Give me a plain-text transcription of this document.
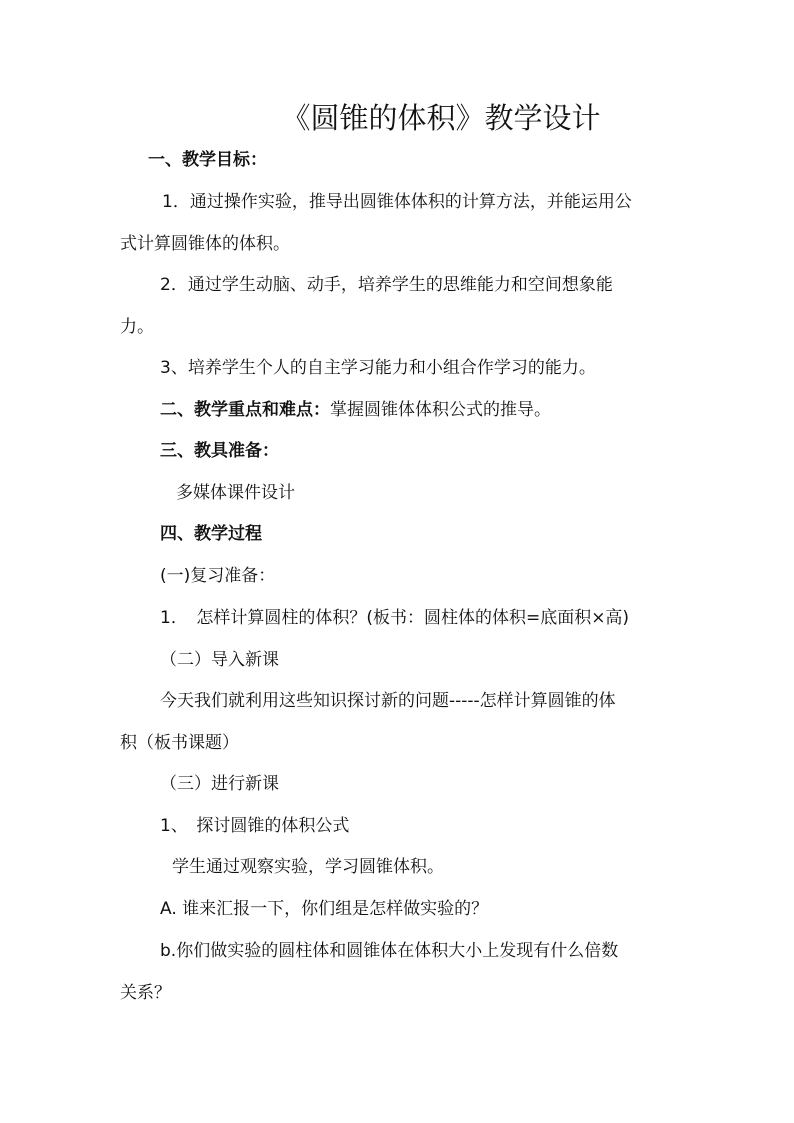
《圆锥的体积》教学设计
一、教学目标：
1．通过操作实验，推导出圆锥体体积的计算方法，并能运用公
式计算圆锥体的体积。
2．通过学生动脑、动手，培养学生的思维能力和空间想象能
力。
3、培养学生个人的自主学习能力和小组合作学习的能力。
二、教学重点和难点：掌握圆锥体体积公式的推导。
三、教具准备：
多媒体课件设计
四、教学过程
(一)复习准备：
1．　怎样计算圆柱的体积？(板书：圆柱体的体积=底面积×高)
（二）导入新课
今天我们就利用这些知识探讨新的问题-----怎样计算圆锥的体
积（板书课题）
（三）进行新课
1、　探讨圆锥的体积公式
学生通过观察实验，学习圆锥体积。
A. 谁来汇报一下，你们组是怎样做实验的？
b.你们做实验的圆柱体和圆锥体在体积大小上发现有什么倍数
关系？
